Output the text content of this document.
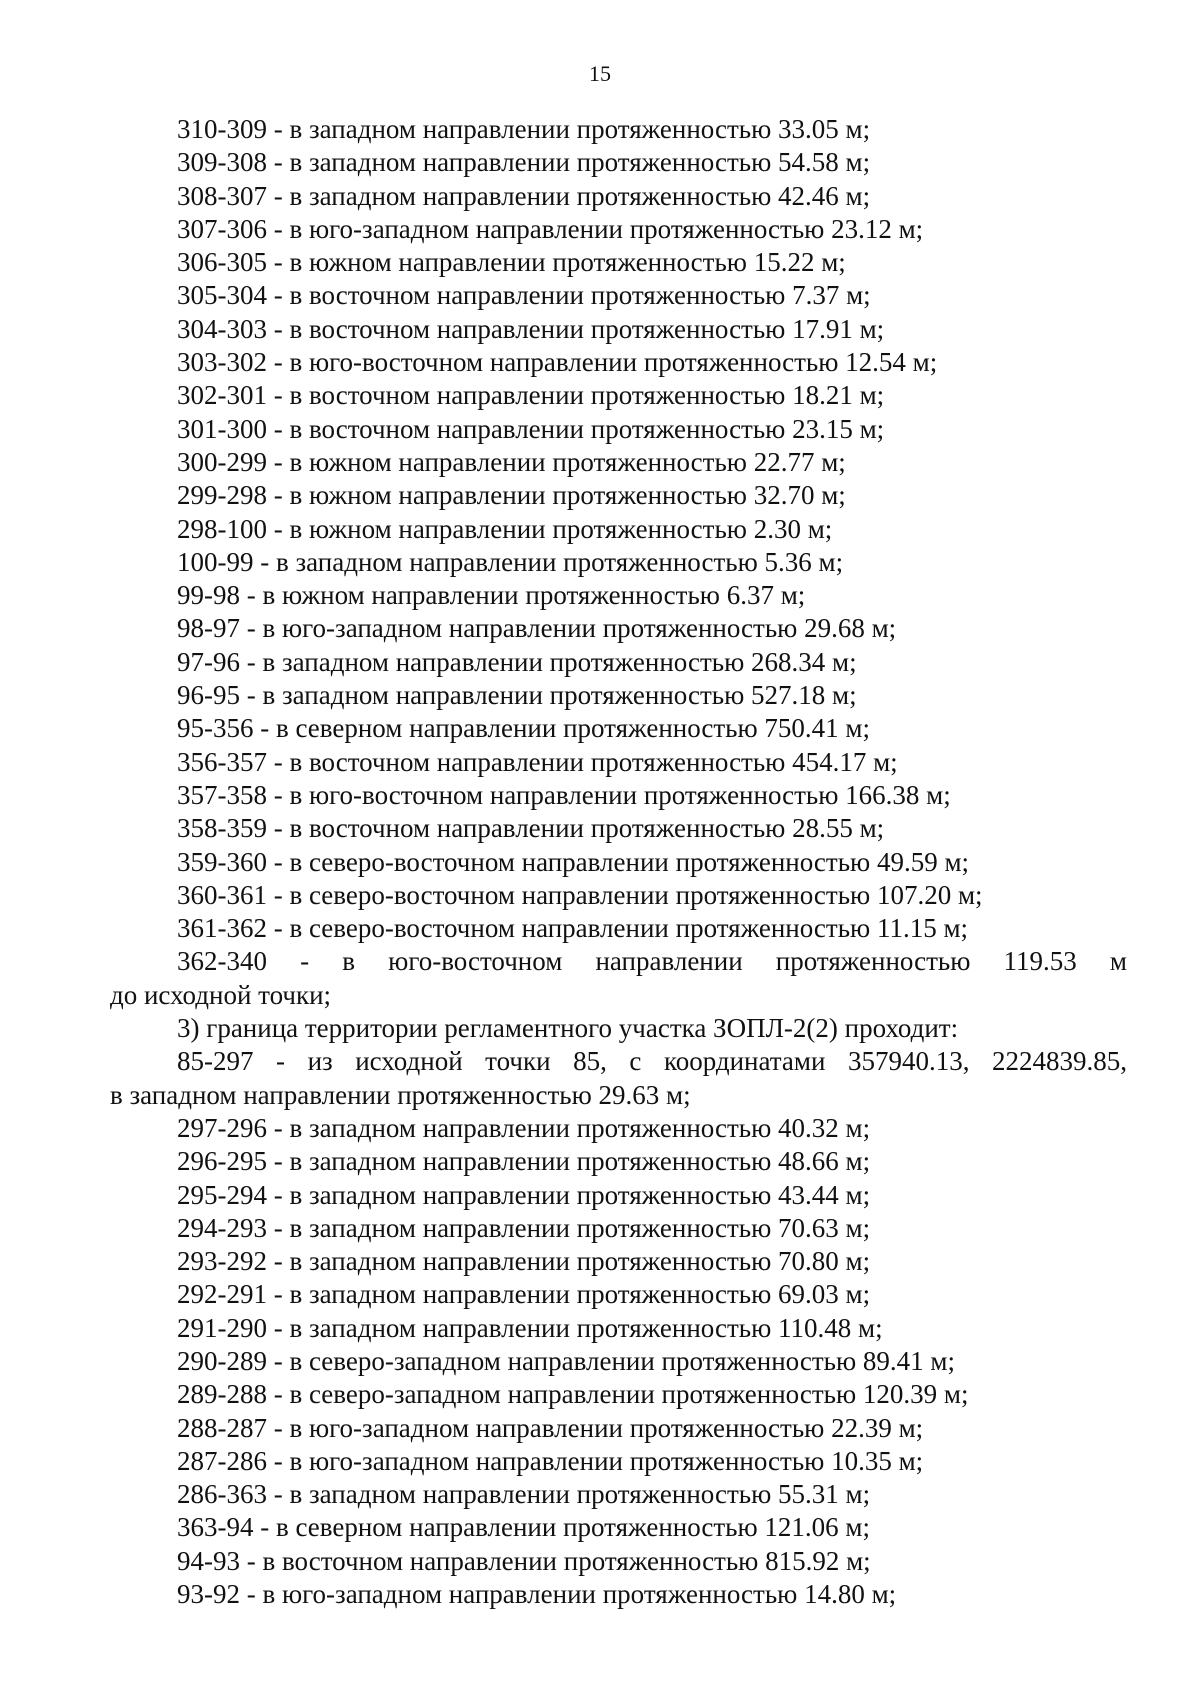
15
310-309 - в западном направлении протяженностью 33.05 м;
309-308 - в западном направлении протяженностью 54.58 м;
308-307 - в западном направлении протяженностью 42.46 м;
307-306 - в юго-западном направлении протяженностью 23.12 м;
306-305 - в южном направлении протяженностью 15.22 м;
305-304 - в восточном направлении протяженностью 7.37 м;
304-303 - в восточном направлении протяженностью 17.91 м;
303-302 - в юго-восточном направлении протяженностью 12.54 м;
302-301 - в восточном направлении протяженностью 18.21 м;
301-300 - в восточном направлении протяженностью 23.15 м;
300-299 - в южном направлении протяженностью 22.77 м;
299-298 - в южном направлении протяженностью 32.70 м;
298-100 - в южном направлении протяженностью 2.30 м;
100-99 - в западном направлении протяженностью 5.36 м;
99-98 - в южном направлении протяженностью 6.37 м;
98-97 - в юго-западном направлении протяженностью 29.68 м;
97-96 - в западном направлении протяженностью 268.34 м;
96-95 - в западном направлении протяженностью 527.18 м;
95-356 - в северном направлении протяженностью 750.41 м;
356-357 - в восточном направлении протяженностью 454.17 м;
357-358 - в юго-восточном направлении протяженностью 166.38 м;
358-359 - в восточном направлении протяженностью 28.55 м;
359-360 - в северо-восточном направлении протяженностью 49.59 м;
360-361 - в северо-восточном направлении протяженностью 107.20 м;
361-362 - в северо-восточном направлении протяженностью 11.15 м;
362-340 - в юго-восточном направлении протяженностью 119.53 м
до исходной точки;
3) граница территории регламентного участка ЗОПЛ-2(2) проходит:
85-297 - из исходной точки 85, с координатами 357940.13, 2224839.85,
в западном направлении протяженностью 29.63 м;
297-296 - в западном направлении протяженностью 40.32 м;
296-295 - в западном направлении протяженностью 48.66 м;
295-294 - в западном направлении протяженностью 43.44 м;
294-293 - в западном направлении протяженностью 70.63 м;
293-292 - в западном направлении протяженностью 70.80 м;
292-291 - в западном направлении протяженностью 69.03 м;
291-290 - в западном направлении протяженностью 110.48 м;
290-289 - в северо-западном направлении протяженностью 89.41 м;
289-288 - в северо-западном направлении протяженностью 120.39 м;
288-287 - в юго-западном направлении протяженностью 22.39 м;
287-286 - в юго-западном направлении протяженностью 10.35 м;
286-363 - в западном направлении протяженностью 55.31 м;
363-94 - в северном направлении протяженностью 121.06 м;
94-93 - в восточном направлении протяженностью 815.92 м;
93-92 - в юго-западном направлении протяженностью 14.80 м;
